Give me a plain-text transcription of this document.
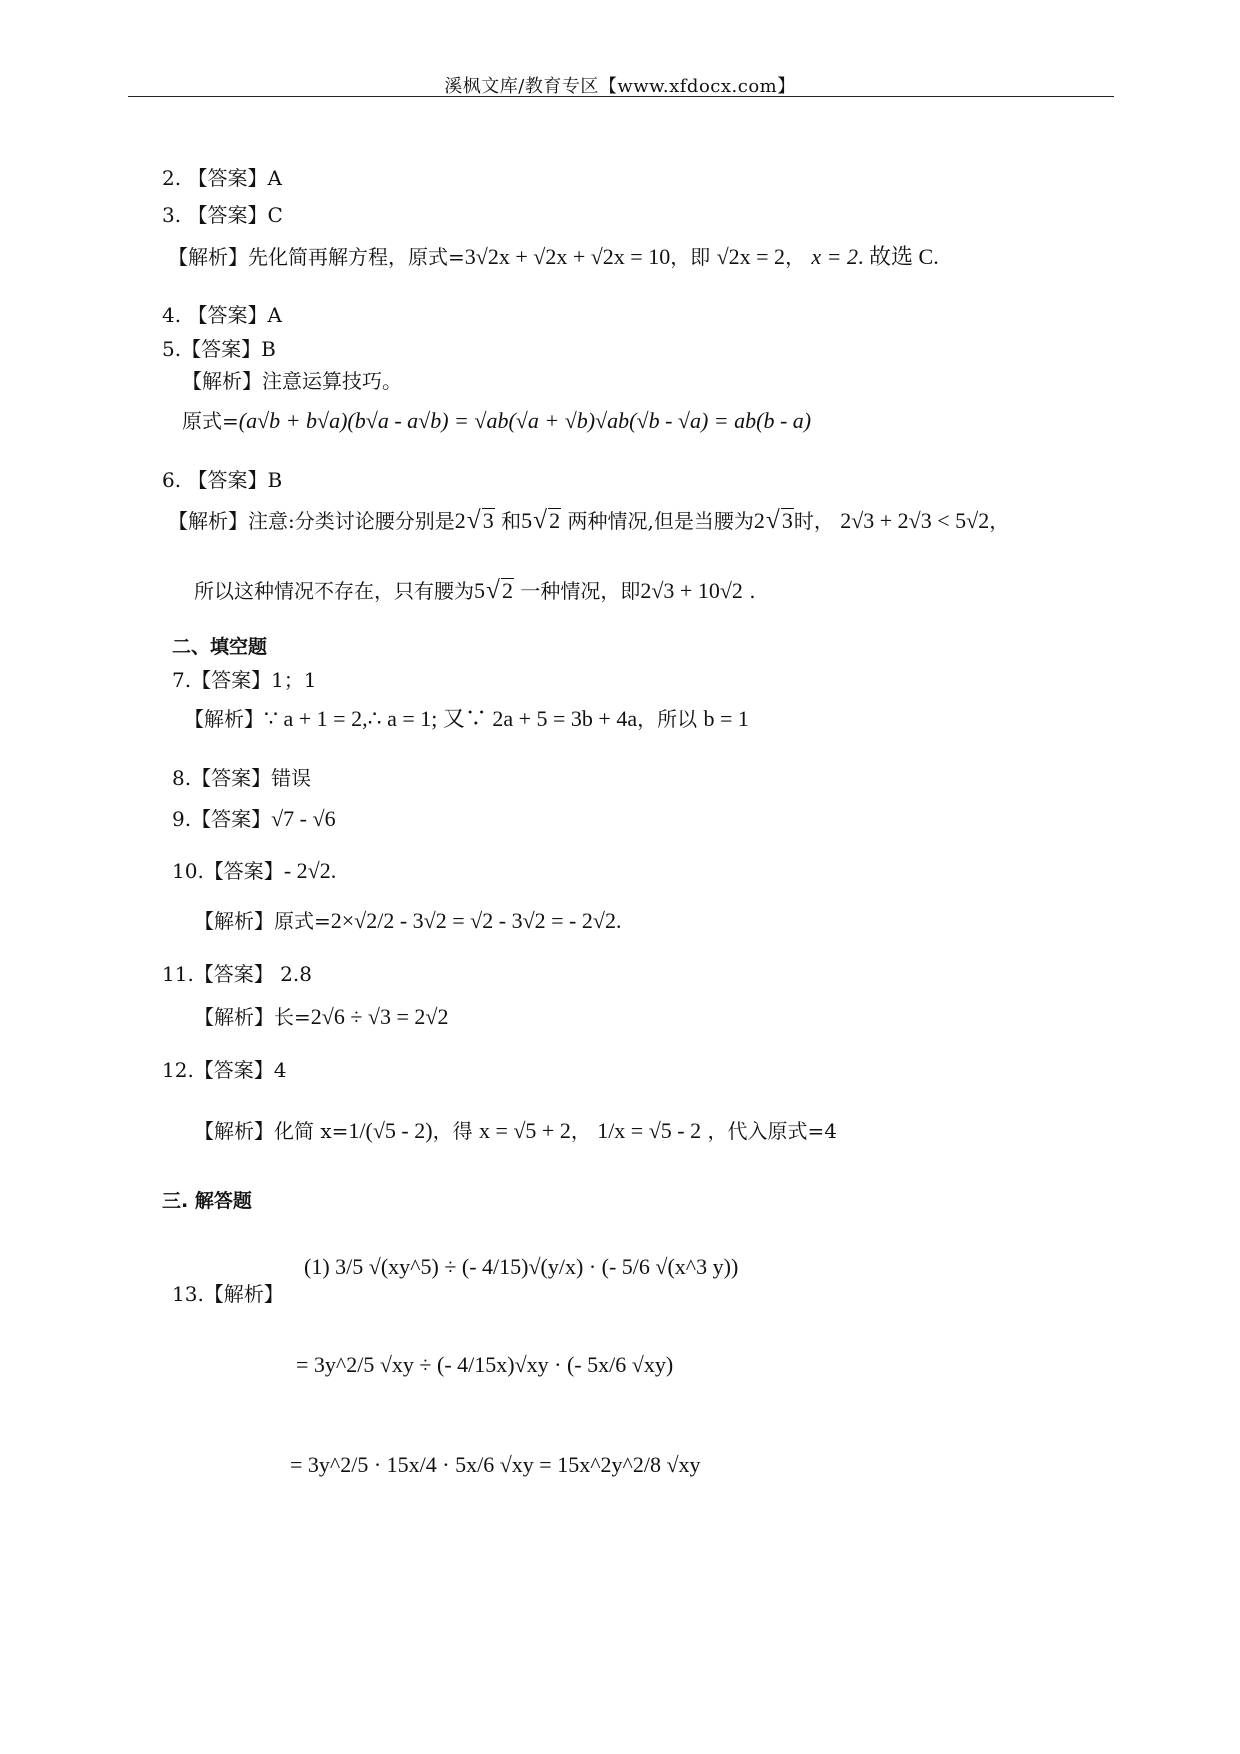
溪枫文库/教育专区【www.xfdocx.com】
2. 【答案】A
3. 【答案】C
【解析】先化简再解方程，原式=3√2x + √2x + √2x = 10，即 √2x = 2， x = 2. 故选 C.
4. 【答案】A
5.【答案】B
【解析】注意运算技巧。
原式=(a√b + b√a)(b√a - a√b) = √ab(√a + √b)√ab(√b - √a) = ab(b - a)
6. 【答案】B
【解析】注意:分类讨论腰分别是2 √ 3 和5 √ 2 两种情况,但是当腰为2 √ 3时， 2√3 + 2√3 < 5√2，
所以这种情况不存在，只有腰为5 √ 2 一种情况，即2√3 + 10√2 .
二、填空题
7.【答案】1；1
【解析】∵ a + 1 = 2,∴ a = 1; 又∵ 2a + 5 = 3b + 4a，所以 b = 1
8.【答案】错误
9.【答案】√7 - √6
10.【答案】- 2√2.
【解析】原式=2×√2/2 - 3√2 = √2 - 3√2 = - 2√2.
11.【答案】 2.8
【解析】长=2√6 ÷ √3 = 2√2
12.【答案】4
【解析】化简 x=1/(√5 - 2)，得 x = √5 + 2， 1/x = √5 - 2 ，代入原式=4
三. 解答题
13.【解析】
(1) 3/5 √(xy^5) ÷ (- 4/15)√(y/x) · (- 5/6 √(x^3 y))
= 3y^2/5 √xy ÷ (- 4/15x)√xy · (- 5x/6 √xy)
= 3y^2/5 · 15x/4 · 5x/6 √xy = 15x^2y^2/8 √xy
